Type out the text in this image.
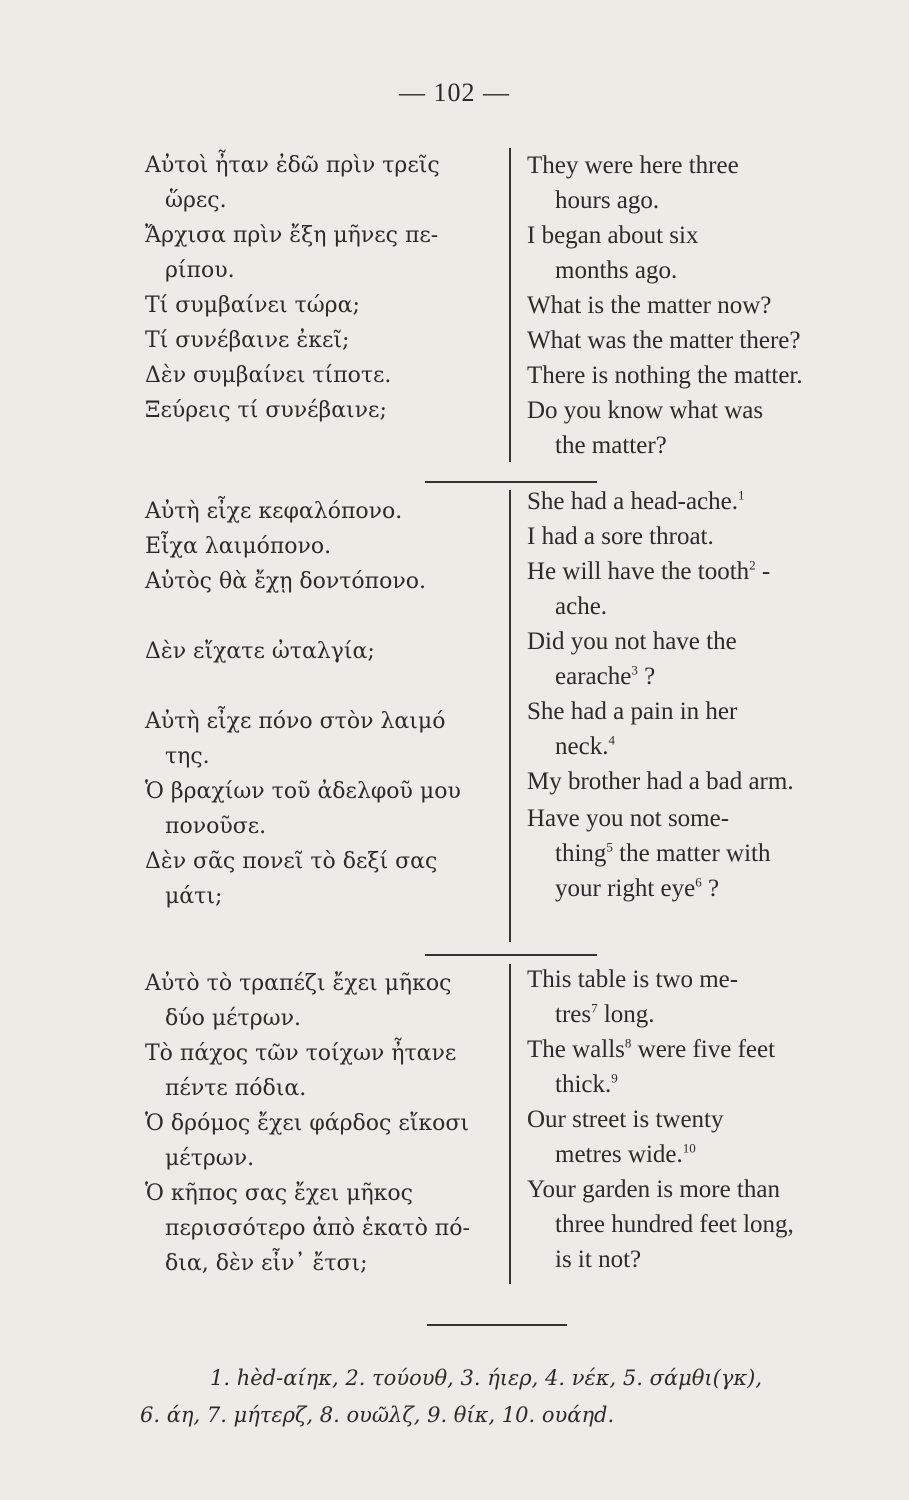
— 102 —

Αὐτοὶ ἦταν ἐδῶ πρὶν τρεῖς
ὥρες.

Ἄρχισα πρὶν ἔξη μῆνες πε-
ρίπου.

Τί συμβαίνει τώρα;

Τί συνέβαινε ἐκεῖ;

Δὲν συμβαίνει τίποτε.

Ξεύρεις τί συνέβαινε;

They were here three
hours ago.

I began about six
months ago.

What is the matter now?

What was the matter there?

There is nothing the matter.

Do you know what was
the matter?

Αὐτὴ εἶχε κεφαλόπονο.

Εἶχα λαιμόπονο.

Αὐτὸς θὰ ἔχῃ δοντόπονο.

Δὲν εἴχατε ὠταλγία;

Αὐτὴ εἶχε πόνο στὸν λαιμό
της.

Ὁ βραχίων τοῦ ἀδελφοῦ μου
πονοῦσε.

Δὲν σᾶς πονεῖ τὸ δεξί σας
μάτι;

She had a head-ache.$^1$

I had a sore throat.

He will have the tooth$^2$ -
ache.

Did you not have the
earache$^3$ ?

She had a pain in her
neck.$^4$

My brother had a bad arm.

Have you not some-
thing$^5$ the matter with
your right eye$^6$ ?

Αὐτὸ τὸ τραπέζι ἔχει μῆκος
δύο μέτρων.

Τὸ πάχος τῶν τοίχων ἦτανε
πέντε πόδια.

Ὁ δρόμος ἔχει φάρδος εἴκοσι
μέτρων.

Ὁ κῆπος σας ἔχει μῆκος
περισσότερο ἀπὸ ἑκατὸ πό-
δια, δὲν εἶν᾽ ἔτσι;

This table is two me-
tres$^7$ long.

The walls$^8$ were five feet
thick.$^9$

Our street is twenty
metres wide.$^{10}$

Your garden is more than
three hundred feet long,
is it not?

1. hèd-αίηκ, 2. τούουθ, 3. ήιερ, 4. νέκ, 5. σάμθι(γκ),
6. άη, 7. μήτερζ, 8. ουῶλζ, 9. θίκ, 10. ουάηd.
